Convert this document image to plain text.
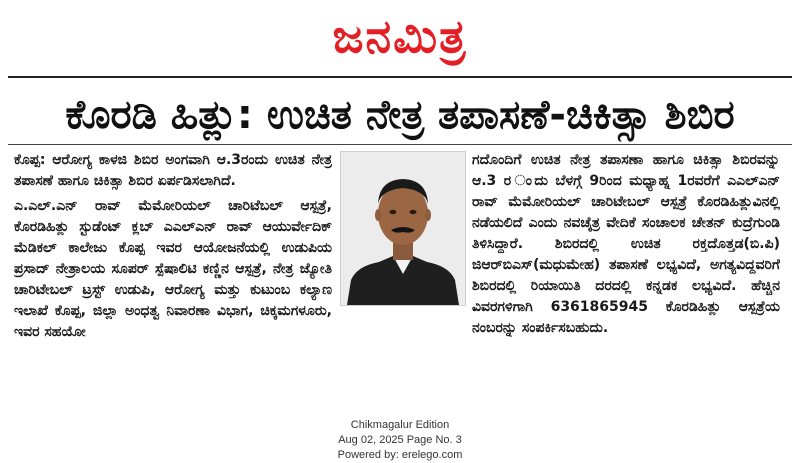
ಜನಮಿತ್ರ
ಕೊರಡಿ ಹಿತ್ಲು: ಉಚಿತ ನೇತ್ರ ತಪಾಸಣೆ-ಚಿಕಿತ್ಸಾ ಶಿಬಿರ

ಕೊಪ್ಪ: ಆರೋಗ್ಯ ಕಾಳಜಿ ಶಿಬಿರ ಅಂಗವಾಗಿ ಆ.3ರಂದು ಉಚಿತ ನೇತ್ರ ತಪಾಸಣೆ ಹಾಗೂ ಚಿಕಿತ್ಸಾ ಶಿಬಿರ ಏರ್ಪಡಿಸಲಾಗಿದೆ.

ಎ.ಎಲ್.ಎನ್ ರಾವ್ ಮೆಮೋರಿಯಲ್ ಚಾರಿಟೆಬಲ್ ಆಸ್ಪತ್ರೆ, ಕೊರಡಿಹಿತ್ಲು ಸ್ಟುಡೆಂಟ್ ಕ್ಲಬ್ ಎಎಲ್ಎನ್ ರಾವ್ ಆಯುರ್ವೇದಿಕ್ ಮೆಡಿಕಲ್ ಕಾಲೇಜು ಕೊಪ್ಪ ಇವರ ಆಯೋಜನೆಯಲ್ಲಿ ಉಡುಪಿಯ ಪ್ರಸಾದ್ ನೇತ್ರಾಲಯ ಸೂಪರ್ ಸ್ಪೆಷಾಲಿಟಿ ಕಣ್ಣಿನ ಆಸ್ಪತ್ರೆ, ನೇತ್ರ ಜ್ಯೋತಿ ಚಾರಿಟೇಬಲ್ ಟ್ರಸ್ಟ್ ಉಡುಪಿ, ಆರೋಗ್ಯ ಮತ್ತು ಕುಟುಂಬ ಕಲ್ಯಾಣ ಇಲಾಖೆ ಕೊಪ್ಪ, ಜಿಲ್ಲಾ ಅಂಧತ್ವ ನಿವಾರಣಾ ವಿಭಾಗ, ಚಿಕ್ಕಮಗಳೂರು, ಇವರ ಸಹಯೋ

ಗದೊಂದಿಗೆ ಉಚಿತ ನೇತ್ರ ತಪಾಸಣಾ ಹಾಗೂ ಚಿಕಿತ್ಸಾ ಶಿಬಿರವನ್ನು ಆ.3 ರ ಂದು ಬೆಳಗ್ಗೆ 9ರಿಂದ ಮಧ್ಯಾಹ್ನ 1ರವರೆಗೆ ಎಎಲ್ಎನ್ ರಾವ್ ಮೆಮೋರಿಯಲ್ ಚಾರಿಟೇಬಲ್ ಆಸ್ಪತ್ರೆ ಕೊರಡಿಹಿತ್ಲುವಿನಲ್ಲಿ ನಡೆಯಲಿದೆ ಎಂದು ನವಚೈತ್ರ ವೇದಿಕೆ ಸಂಚಾಲಕ ಚೇತನ್ ಕುದ್ರೆಗುಂಡಿ ತಿಳಿಸಿದ್ದಾರೆ. ಶಿಬಿರದಲ್ಲಿ ಉಚಿತ ರಕ್ತದೊತ್ತಡ(ಬಿ.ಪಿ) ಜಿಆರ್‌ಬಿಎಸ್(ಮಧುಮೇಹ) ತಪಾಸಣೆ ಲಭ್ಯವಿದೆ, ಅಗತ್ಯವಿದ್ದವರಿಗೆ ಶಿಬಿರದಲ್ಲಿ ರಿಯಾಯಿತಿ ದರದಲ್ಲಿ ಕನ್ನಡಕ ಲಭ್ಯವಿದೆ. ಹೆಚ್ಚಿನ ವಿವರಗಳಿಗಾಗಿ 6361865945 ಕೊರಡಿಹಿತ್ಲು ಆಸ್ಪತ್ರೆಯ ನಂಬರನ್ನು ಸಂಪರ್ಕಿಸಬಹುದು.

Chikmagalur Edition
Aug 02, 2025 Page No. 3
Powered by: erelego.com
